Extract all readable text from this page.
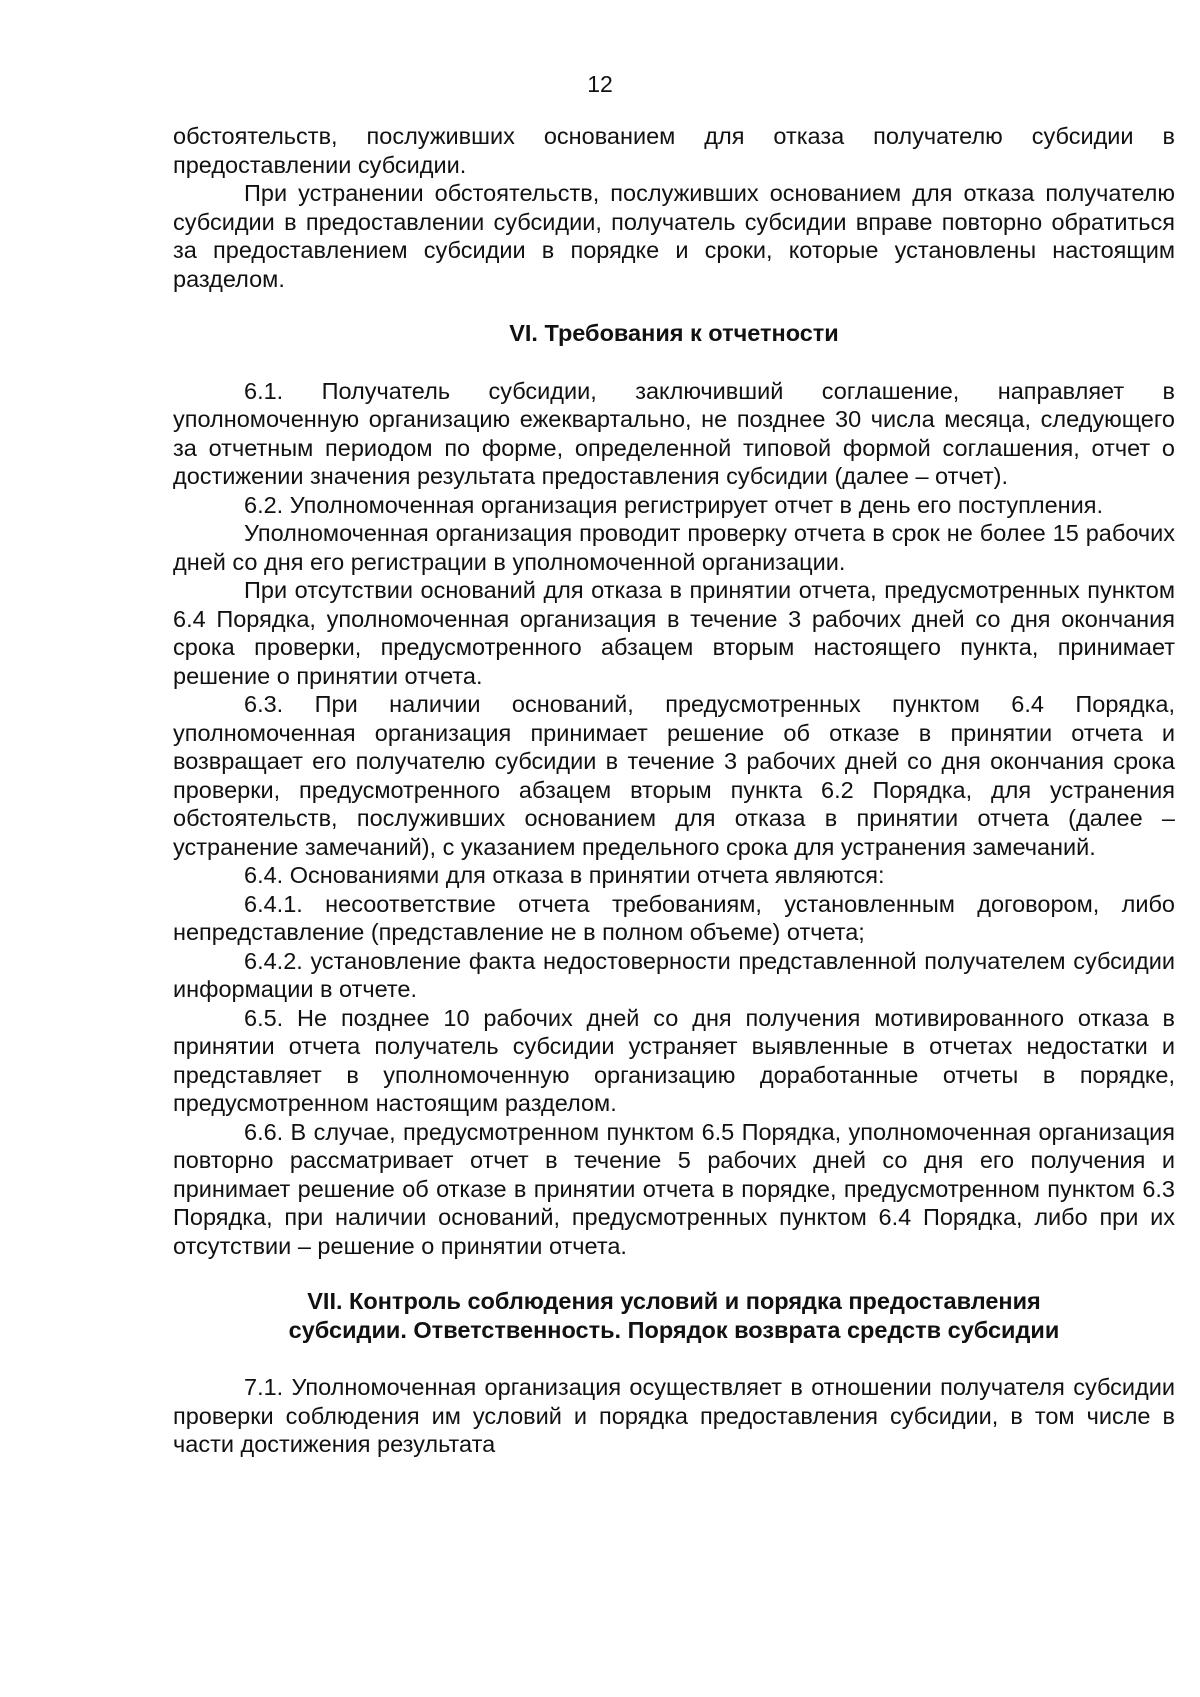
12

обстоятельств, послуживших основанием для отказа получателю субсидии в предоставлении субсидии.

При устранении обстоятельств, послуживших основанием для отказа получателю субсидии в предоставлении субсидии, получатель субсидии вправе повторно обратиться за предоставлением субсидии в порядке и сроки, которые установлены настоящим разделом.

VI. Требования к отчетности

6.1. Получатель субсидии, заключивший соглашение, направляет в уполномоченную организацию ежеквартально, не позднее 30 числа месяца, следующего за отчетным периодом по форме, определенной типовой формой соглашения, отчет о достижении значения результата предоставления субсидии (далее – отчет).

6.2. Уполномоченная организация регистрирует отчет в день его поступления.

Уполномоченная организация проводит проверку отчета в срок не более 15 рабочих дней со дня его регистрации в уполномоченной организации.

При отсутствии оснований для отказа в принятии отчета, предусмотренных пунктом 6.4 Порядка, уполномоченная организация в течение 3 рабочих дней со дня окончания срока проверки, предусмотренного абзацем вторым настоящего пункта, принимает решение о принятии отчета.

6.3. При наличии оснований, предусмотренных пунктом 6.4 Порядка, уполномоченная организация принимает решение об отказе в принятии отчета и возвращает его получателю субсидии в течение 3 рабочих дней со дня окончания срока проверки, предусмотренного абзацем вторым пункта 6.2 Порядка, для устранения обстоятельств, послуживших основанием для отказа в принятии отчета (далее – устранение замечаний), с указанием предельного срока для устранения замечаний.

6.4. Основаниями для отказа в принятии отчета являются:

6.4.1. несоответствие отчета требованиям, установленным договором, либо непредставление (представление не в полном объеме) отчета;

6.4.2. установление факта недостоверности представленной получателем субсидии информации в отчете.

6.5. Не позднее 10 рабочих дней со дня получения мотивированного отказа в принятии отчета получатель субсидии устраняет выявленные в отчетах недостатки и представляет в уполномоченную организацию доработанные отчеты в порядке, предусмотренном настоящим разделом.

6.6. В случае, предусмотренном пунктом 6.5 Порядка, уполномоченная организация повторно рассматривает отчет в течение 5 рабочих дней со дня его получения и принимает решение об отказе в принятии отчета в порядке, предусмотренном пунктом 6.3 Порядка, при наличии оснований, предусмотренных пунктом 6.4 Порядка, либо при их отсутствии – решение о принятии отчета.

VII. Контроль соблюдения условий и порядка предоставления
субсидии. Ответственность. Порядок возврата средств субсидии

7.1. Уполномоченная организация осуществляет в отношении получателя субсидии проверки соблюдения им условий и порядка предоставления субсидии, в том числе в части достижения результата
